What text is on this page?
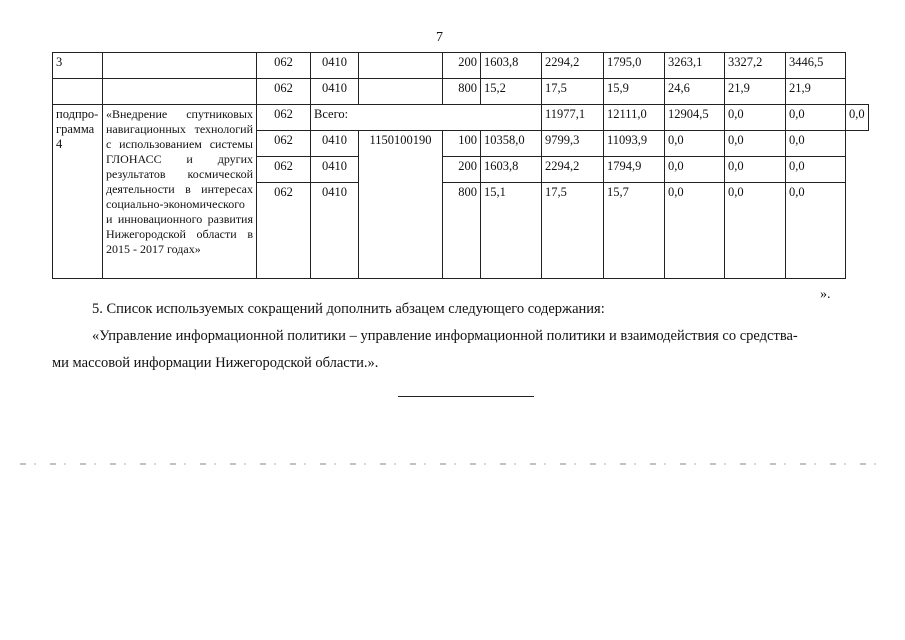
7
3		062	0410		200	1603,8	2294,2	1795,0	3263,1	3327,2	3446,5	
		062	0410		800	15,2	17,5	15,9	24,6	21,9	21,9	
подпро-грамма 4	«Внедрение спутниковых навигационных технологий с использованием системы ГЛОНАСС и других результатов космической деятельности в интересах социально-экономического и инновационного развития Нижегородской области в 2015 - 2017 годах»	062	Всего:				11977,1	12111,0	12904,5	0,0	0,0	0,0
		062	0410	1150100190	100	10358,0	9799,3	11093,9	0,0	0,0	0,0	
		062	0410		200	1603,8	2294,2	1794,9	0,0	0,0	0,0	
		062	0410		800	15,1	17,5	15,7	0,0	0,0	0,0	
».
5. Список используемых сокращений дополнить абзацем следующего содержания:
«Управление информационной политики – управление информационной политики и взаимодействия со средства-
ми массовой информации Нижегородской области.».
